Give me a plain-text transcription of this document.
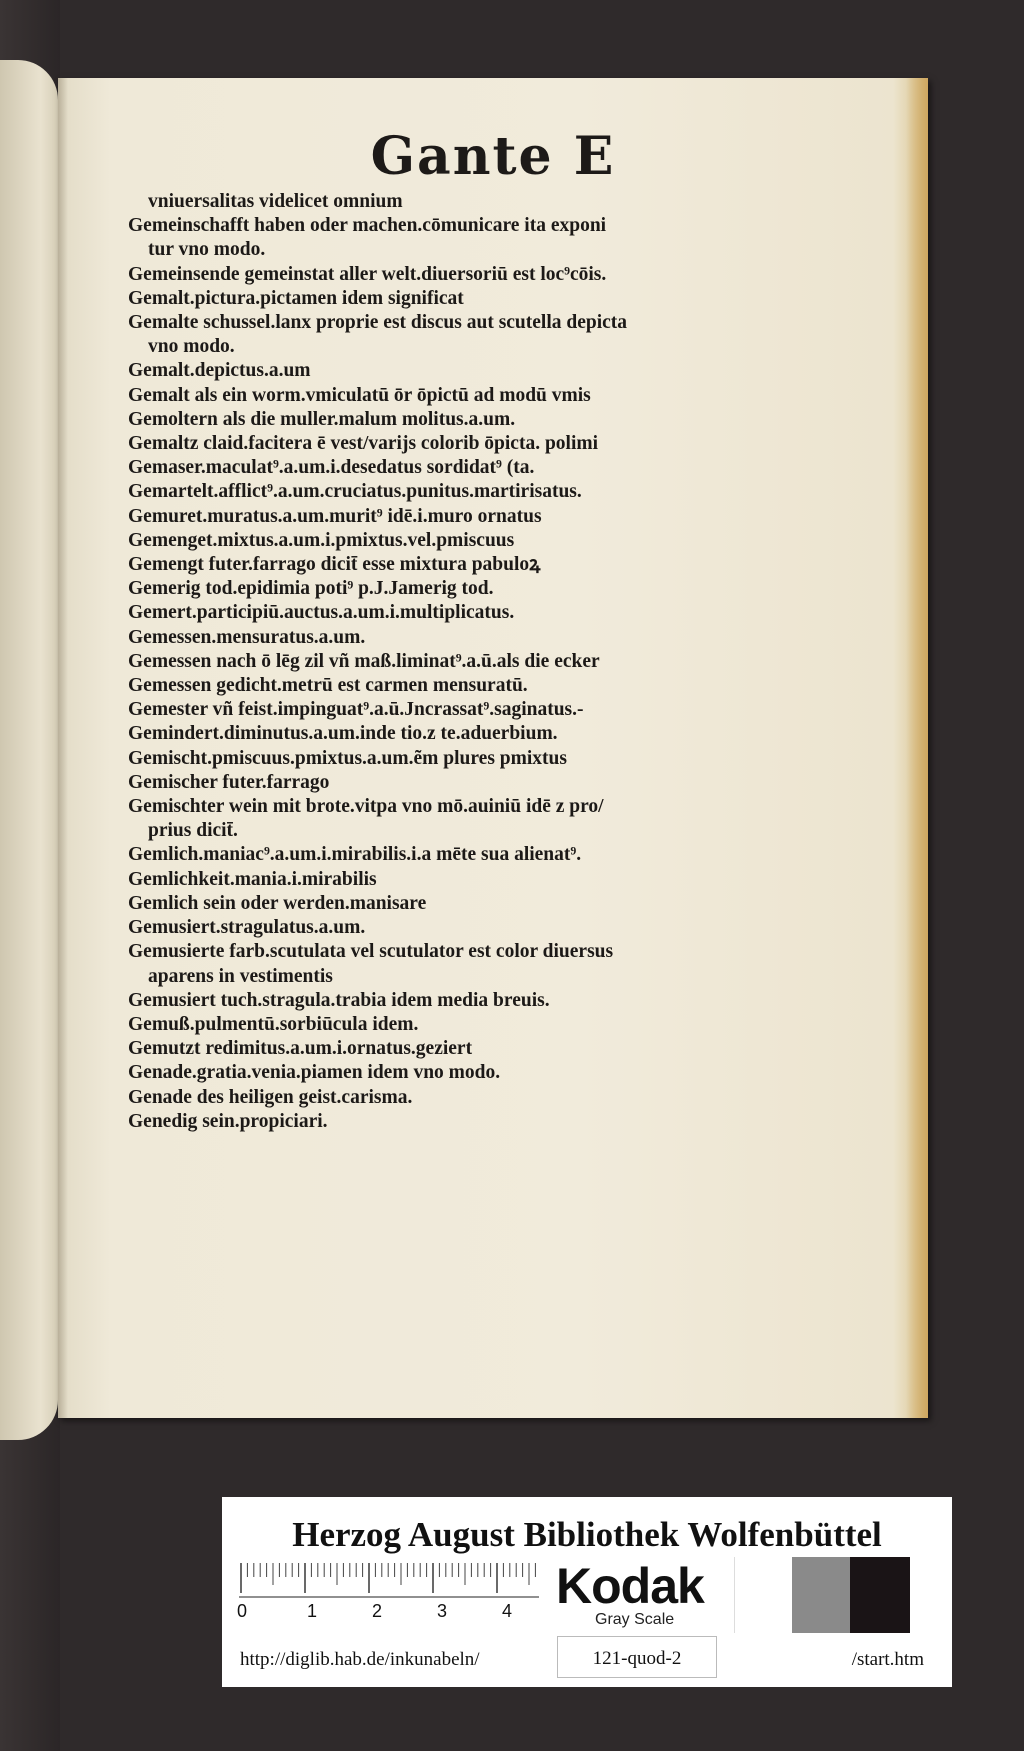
Gante E
vniuersalitas videlicet omnium
Gemeinschafft haben oder machen.cōmunicare ita exponi
tur vno modo.
Gemeinsende gemeinstat aller welt.diuersoriū est loc⁹cōis.
Gemalt.pictura.pictamen idem significat
Gemalte schussel.lanx proprie est discus aut scutella depicta
vno modo.
Gemalt.depictus.a.um
Gemalt als ein worm.vmiculatū ōr ōpictū ad modū vmis
Gemoltern als die muller.malum molitus.a.um.
Gemaltz claid.facitera ē vest/varijs colorib ōpicta. polimi
Gemaser.maculat⁹.a.um.i.desedatus sordidat⁹ (ta.
Gemartelt.afflict⁹.a.um.cruciatus.punitus.martirisatus.
Gemuret.muratus.a.um.murit⁹ idē.i.muro ornatus
Gemenget.mixtus.a.um.i.pmixtus.vel.pmiscuus
Gemengt futer.farrago dicit̄ esse mixtura pabuloꝝ
Gemerig tod.epidimia poti⁹ p.J.Jamerig tod.
Gemert.participiū.auctus.a.um.i.multiplicatus.
Gemessen.mensuratus.a.um.
Gemessen nach ō lēg zil vñ maß.liminat⁹.a.ū.als die ecker
Gemessen gedicht.metrū est carmen mensuratū.
Gemester vñ feist.impinguat⁹.a.ū.Jncrassat⁹.saginatus.-
Gemindert.diminutus.a.um.inde tio.z te.aduerbium.
Gemischt.pmiscuus.pmixtus.a.um.ẽm plures pmixtus
Gemischer futer.farrago
Gemischter wein mit brote.vitpa vno mō.auiniū idē z pro/
prius dicit̄.
Gemlich.maniac⁹.a.um.i.mirabilis.i.a mēte sua alienat⁹.
Gemlichkeit.mania.i.mirabilis
Gemlich sein oder werden.manisare
Gemusiert.stragulatus.a.um.
Gemusierte farb.scutulata vel scutulator est color diuersus
aparens in vestimentis
Gemusiert tuch.stragula.trabia idem media breuis.
Gemuß.pulmentū.sorbiūcula idem.
Gemutzt redimitus.a.um.i.ornatus.geziert
Genade.gratia.venia.piamen idem vno modo.
Genade des heiligen geist.carisma.
Genedig sein.propiciari.
Herzog August Bibliothek Wolfenbüttel
0	1	2	3	4 Kodak
Gray Scale
http://diglib.hab.de/inkunabeln/	121-quod-2	/start.htm
